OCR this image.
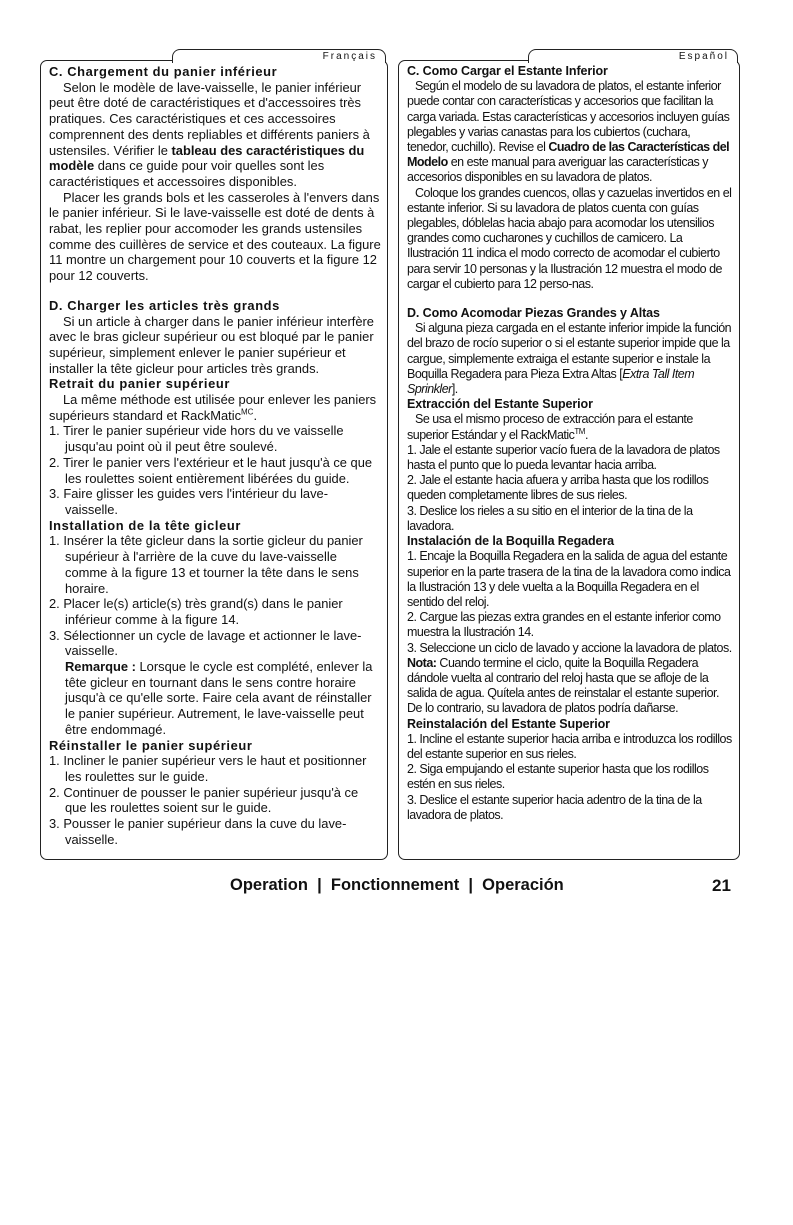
Français

C. Chargement du panier inférieur

Selon le modèle de lave-vaisselle, le panier inférieur peut être doté de caractéristiques et d'accessoires très pratiques. Ces caractéristiques et ces accessoires comprennent des dents repliables et différents paniers à ustensiles. Vérifier le tableau des caractéristiques du modèle dans ce guide pour voir quelles sont les caractéristiques et accessoires disponibles.

Placer les grands bols et les casseroles à l'envers dans le panier inférieur. Si le lave-vaisselle est doté de dents à rabat, les replier pour accomoder les grands ustensiles comme des cuillères de service et des couteaux. La figure 11 montre un chargement pour 10 couverts et la figure 12 pour 12 couverts.

D. Charger les articles très grands

Si un article à charger dans le panier inférieur interfère avec le bras gicleur supérieur ou est bloqué par le panier supérieur, simplement enlever le panier supérieur et installer la tête gicleur pour articles très grands.

Retrait du panier supérieur

La même méthode est utilisée pour enlever les paniers supérieurs standard et RackMatic$^{MC}$.

1. Tirer le panier supérieur vide hors du ve vaisselle jusqu'au point où il peut être soulevé.
2. Tirer le panier vers l'extérieur et le haut jusqu'à ce que les roulettes soient entièrement libérées du guide.
3. Faire glisser les guides vers l'intérieur du lave-vaisselle.

Installation de la tête gicleur

1. Insérer la tête gicleur dans la sortie gicleur du panier supérieur à l'arrière de la cuve du lave-vaisselle comme à la figure 13 et tourner la tête dans le sens horaire.
2. Placer le(s) article(s) très grand(s) dans le panier inférieur comme à la figure 14.
3. Sélectionner un cycle de lavage et actionner le lave-vaisselle.

Remarque : Lorsque le cycle est complété, enlever la tête gicleur en tournant dans le sens contre horaire jusqu'à ce qu'elle sorte. Faire cela avant de réinstaller le panier supérieur. Autrement, le lave-vaisselle peut être endommagé.

Réinstaller le panier supérieur

1. Incliner le panier supérieur vers le haut et positionner les roulettes sur le guide.
2. Continuer de pousser le panier supérieur jusqu'à ce que les roulettes soient sur le guide.
3. Pousser le panier supérieur dans la cuve du lave-vaisselle.
Español

C. Como Cargar el Estante Inferior

Según el modelo de su lavadora de platos, el estante inferior puede contar con características y accesorios que facilitan la carga variada. Estas características y accesorios incluyen guías plegables y varias canastas para los cubiertos (cuchara, tenedor, cuchillo). Revise el Cuadro de las Características del Modelo en este manual para averiguar las características y accesorios disponibles en su lavadora de platos.

Coloque los grandes cuencos, ollas y cazuelas invertidos en el estante inferior. Si su lavadora de platos cuenta con guías plegables, dóblelas hacia abajo para acomodar los utensilios grandes como cucharones y cuchillos de camicero. La Ilustración 11 indica el modo correcto de acomodar el cubierto para servir 10 personas y la Ilustración 12 muestra el modo de cargar el cubierto para 12 perso-nas.

D. Como Acomodar Piezas Grandes y Altas

Si alguna pieza cargada en el estante inferior impide la función del brazo de rocío superior o si el estante superior impide que la cargue, simplemente extraiga el estante superior e instale la Boquilla Regadera para Pieza Extra Altas [Extra Tall Item Sprinkler].

Extracción del Estante Superior

Se usa el mismo proceso de extracción para el estante superior Estándar y el RackMatic™.

1. Jale el estante superior vacío fuera de la lavadora de platos hasta el punto que lo pueda levantar hacia arriba.
2. Jale el estante hacia afuera y arriba hasta que los rodillos queden completamente libres de sus rieles.
3. Deslice los rieles a su sitio en el interior de la tina de la lavadora.

Instalación de la Boquilla Regadera

1. Encaje la Boquilla Regadera en la salida de agua del estante superior en la parte trasera de la tina de la lavadora como indica la Ilustración 13 y dele vuelta a la Boquilla Regadera en el sentido del reloj.
2. Cargue las piezas extra grandes en el estante inferior como muestra la Ilustración 14.
3. Seleccione un ciclo de lavado y accione la lavadora de platos.

Nota: Cuando termine el ciclo, quite la Boquilla Regadera dándole vuelta al contrario del reloj hasta que se afloje de la salida de agua. Quítela antes de reinstalar el estante superior. De lo contrario, su lavadora de platos podría dañarse.

Reinstalación del Estante Superior

1. Incline el estante superior hacia arriba e introduzca los rodillos del estante superior en sus rieles.
2. Siga empujando el estante superior hasta que los rodillos estén en sus rieles.
3. Deslice el estante superior hacia adentro de la tina de la lavadora de platos.
Operation  |  Fonctionnement  |  Operación	21
